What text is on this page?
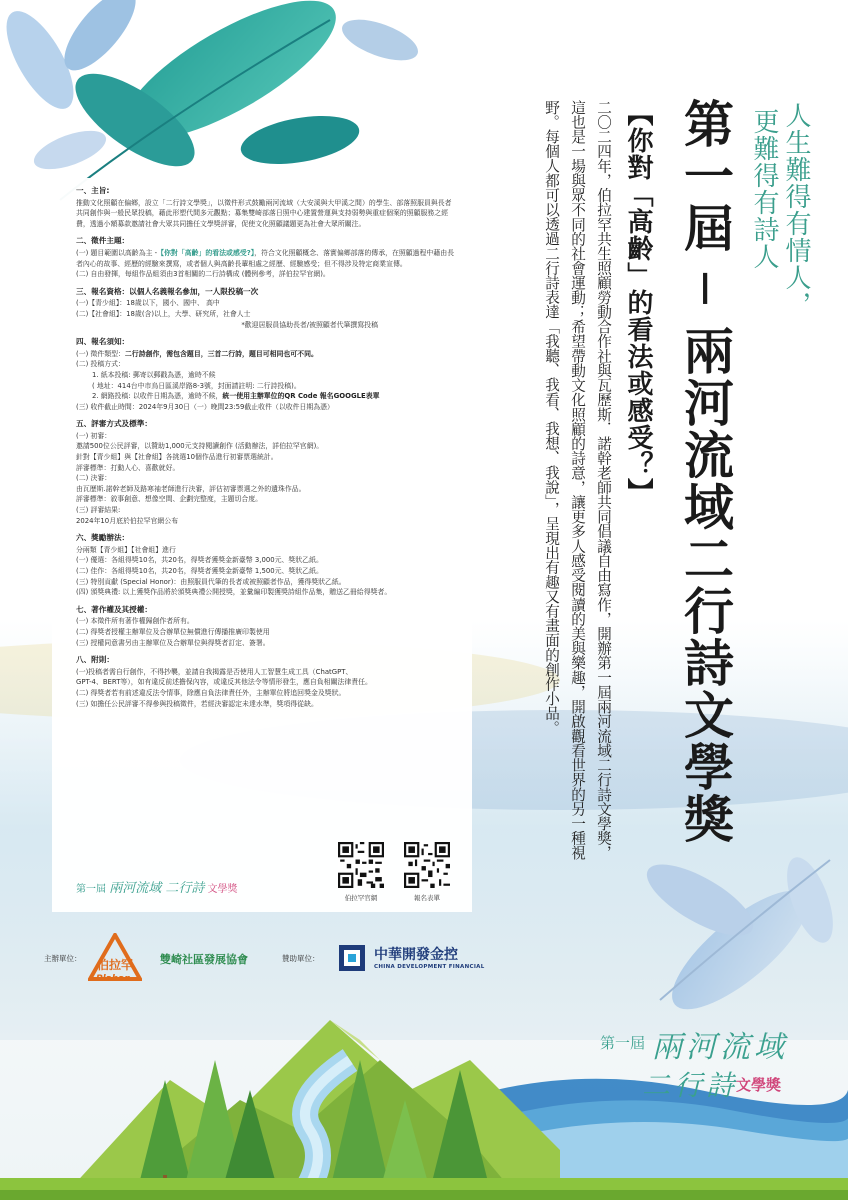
人生難得有情人，
更難得有詩人
第一屆 ─ 兩河流域二行詩文學獎
【你對「高齡」的看法或感受？】
二〇二四年，伯拉罕共生照顧勞動合作社與瓦歷斯．諾幹老師共同倡議自由寫作，開辦第一屆兩河流域二行詩文學獎，這也是一場與眾不同的社會運動；希望帶動文化照顧的詩意，讓更多人感受閱讀的美與樂趣，開啟觀看世界的另一種視野。每個人都可以透過二行詩表達「我聽、我看、我想、我說」，呈現出有趣又有畫面的創作小品。
一、主旨:
推動文化照顧在偏鄉，設立「二行詩文學獎」，以徵件形式鼓勵兩河流域（大安溪與大甲溪之間）的學生、部落照服員與長者共同創作與一般民眾投稿，藉此形塑代間多元觀點；募集雙崎部落日照中心建置營運與支持弱勢與重症個案的照顧服務之經費，透過小額募款邀請社會大眾共同擔任文學獎評審，促使文化照顧議題更為社會大眾所關注。
二、徵件主題：
(一) 題目範圍以高齡為主 -【你對「高齡」的看法或感受?】，符合文化照顧概念、落實偏鄉部落的傳承，在照顧過程中藉由長者內心的故事、經歷的經驗來撰寫，或者個人與高齡長輩相處之經歷、經驗感受；但不得涉及特定商業宣傳。
(二) 自由發揮，每組作品組須由3首相關的二行詩構成 (體例參考，詳伯拉罕官網)。
三、報名資格：以個人名義報名參加，一人限投稿一次
(一)【青少組】：18歲以下，國小、國中、 高中
(二)【社會組】：18歲(含)以上，大學、研究所，社會人士
*歡迎居服員協助長者/被照顧者代筆撰寫投稿
四、報名須知：
(一) 徵件類型：二行詩創作，需包含題目，三首二行詩，題目可相同也可不同。
(二) 投稿方式：
1. 紙本投稿: 郵寄以郵戳為憑，逾時不候
( 地址：414台中市烏日區溪岸路8-3號，封面請註明: 二行詩投稿)。
2. 網路投稿: 以收件日期為憑，逾時不候，統一使用主辦單位的QR Code 報名GOOGLE表單
(三) 收件截止時間：2024年9月30日（一）晚間23:59截止收件（以收件日期為憑）
五、評審方式及標準：
(一) 初審：
邀請500位公民評審，以贊助1,000元支持閱讀創作 (活動辦法，詳伯拉罕官網)。
針對【青少組】與【社會組】各挑選10個作品進行初審票選統計。
評審標準：打動人心、喜歡就好。
(二) 決審：
由瓦歷斯.諾幹老師及路寒袖老師進行決審，評估初審票選之外的遺珠作品。
評審標準：敘事創意、想像空間、企劃完整度，主題切合度。
(三) 評審結果:
2024年10月底於伯拉罕官網公布
六、獎勵辦法：
分兩類【青少組】【社會組】進行
(一) 優選：各組得獎10名，共20名，得獎者獲獎金新臺幣 3,000元、獎狀乙紙。
(二) 佳作：各組得獎10名，共20名，得獎者獲獎金新臺幣 1,500元、獎狀乙紙。
(三) 特別貢獻 (Special Honor)：由照服員代筆的長者或被照顧者作品，獲得獎狀乙紙。
(四) 頒獎典禮: 以上獲獎作品將於頒獎典禮公開授獎，並彙編印製獲獎詩組作品集，贈送乙冊給得獎者。
七、著作權及其授權：
(一) 本徵件所有著作權歸創作者所有。
(二) 得獎者授權主辦單位及合辦單位無償進行傳播推廣印製使用
(三) 授權同意書另由主辦單位及合辦單位與得獎者訂定、簽署。
八、附則：
(一)投稿者需自行創作，不得抄襲，並請自我揭露是否使用人工智慧生成工具（ChatGPT、
GPT-4、BERT等），如有違反前述擔保內容，或違反其他法令等情形發生，應自負相關法律責任。
(二) 得獎者若有前述違反法令情事，除應自負法律責任外，主辦單位將追回獎金及獎狀。
(三) 如擔任公民評審不得參與投稿徵件，若經決審認定未達水準，獎項得從缺。
伯拉罕官網	報名表單
第一屆 兩河流域 二行詩 文學獎
主辦單位： 伯拉罕
Plahan
雙崎社區發展協會	贊助單位：	中華開發金控
CHINA DEVELOPMENT FINANCIAL
第一屆 兩河流域
二行詩
文學獎
